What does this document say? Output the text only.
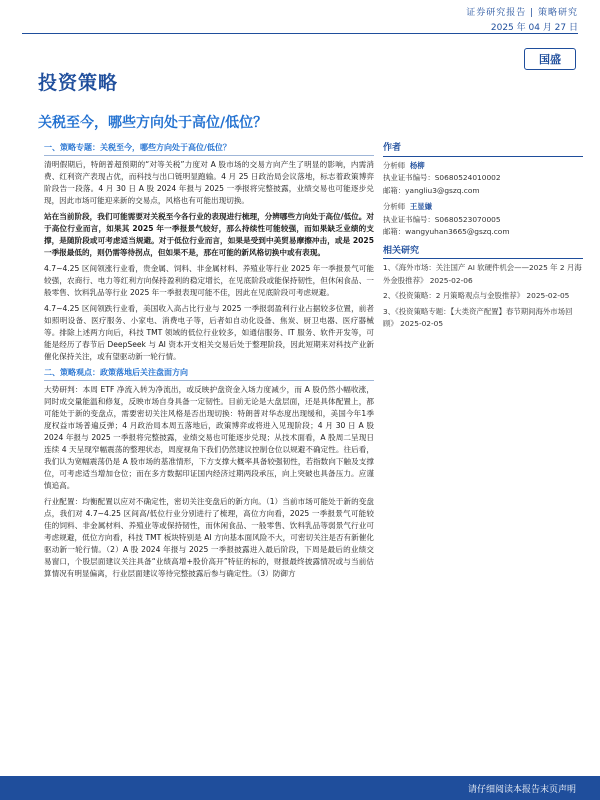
证券研究报告 | 策略研究
2025 年 04 月 27 日
国盛
投资策略
关税至今，哪些方向处于高位/低位？
一、策略专题：关税至今，哪些方向处于高位/低位？

清明假期后，特朗普超预期的“对等关税”力度对 A 股市场的交易方向产生了明显的影响，内需消费、红利资产表现占优，而科技与出口链明显跑输。4 月 25 日政治局会议落地，标志着政策博弈阶段告一段落。4 月 30 日 A 股 2024 年报与 2025 一季报将完整披露，业绩交易也可能逐步兑现，因此市场可能迎来新的交易点，风格也有可能出现切换。

站在当前阶段，我们可能需要对关税至今各行业的表现进行梳理，分辨哪些方向处于高位/低位。对于高位行业而言，如果其 2025 年一季报景气较好，那么持续性可能较强，而如果缺乏业绩的支撑，是随阶段或可考虑适当规避。对于低位行业而言，如果是受到中美贸易摩擦冲击，或是 2025 一季报最低的，则仍需等待拐点，但如果不是，那在可能的新风格切换中或有表现。

4.7~4.25 区间领涨行业看，贵金属、饲料、非金属材料、养殖业等行业 2025 年一季报景气可能较强，农商行、电力等红利方向保持盈利的稳定增长，在见底阶段或能保持韧性，但休闲食品、一般零售、饮料乳品等行业 2025 年一季报表现可能不佳，因此在见底阶段可考虑规避。

4.7~4.25 区间领跌行业看，美国收入高占比行业与 2025 一季报弱盈利行业占据较多位置，前者如照明设备、医疗服务、小家电、消费电子等，后者如自动化设备、焦炭、厨卫电器、医疗器械等。排除上述两方向后，科技 TMT 领域的低位行业较多，如通信服务、IT 服务、软件开发等，可能是经历了春节后 DeepSeek 与 AI 资本开支相关交易后处于整理阶段，因此短期来对科技产业新催化保持关注，或有望驱动新一轮行情。

二、策略观点：政策落地后关注盘面方向

大势研判：本周 ETF 净流入转为净流出，或反映护盘资金入场力度减少，而 A 股仍然小幅收涨，同时成交量能温和修复，反映市场自身具备一定韧性。目前无论是大盘层面，还是具体配置上，都可能处于新的变盘点，需要密切关注风格是否出现切换：特朗普对华态度出现缓和，美国今年1季度权益市场普遍反弹；4 月政治局本周五落地后，政策博弈或将进入见现阶段；4 月 30 日 A 股 2024 年报与 2025 一季报将完整披露，业绩交易也可能逐步兑现；从技术面看，A 股周二呈现日连续 4 天呈现窄幅震荡的整理状态，周度视角下我们仍然建议控制仓位以规避不确定性。往后看，我们认为宽幅震荡仍是 A 股市场的基准情形，下方支撑大概率具备较强韧性，若指数向下触及支撑位，可考虑适当增加仓位；而在多方数据印证国内经济过期两段承压，向上突破也具备压力。应谨慎追高。

行业配置：均衡配置以应对不确定性，密切关注变盘后的新方向。（1）当前市场可能处于新的变盘点，我们对 4.7~4.25 区间高/低位行业分别进行了梳理，高位方向看，2025 一季报景气可能较佳的饲料、非金属材料、养殖业等或保持韧性，而休闲食品、一般零售、饮料乳品等弱景气行业可考虑规避，低位方向看，科技 TMT 板块特别是 AI 方向基本面风险不大，可密切关注是否有新催化驱动新一轮行情。（2）A 股 2024 年报与 2025 一季报披露进入最后阶段，下周是最后的业绩交易窗口，个股层面建议关注具备“业绩高增+股价高开”特征的标的，财报最终披露情况或与当前估算情况有明显偏离，行业层面建议等待完整披露后参与确定性。（3）防御方

作者
分析师 杨柳
执业证书编号：S0680524010002
邮箱：yangliu3@gszq.com
分析师 王显嫌
执业证书编号：S0680523070005
邮箱：wangyuhan3665@gszq.com
相关研究
1、《海外市场：关注国产 AI 软硬件机会——2025 年 2 月海外金股推荐》 2025-02-06
2、《投资策略：2 月策略观点与金股推荐》 2025-02-05
3、《投资策略专题：【大类资产配置】春节期间海外市场回顾》 2025-02-05
请仔细阅读本报告末页声明
